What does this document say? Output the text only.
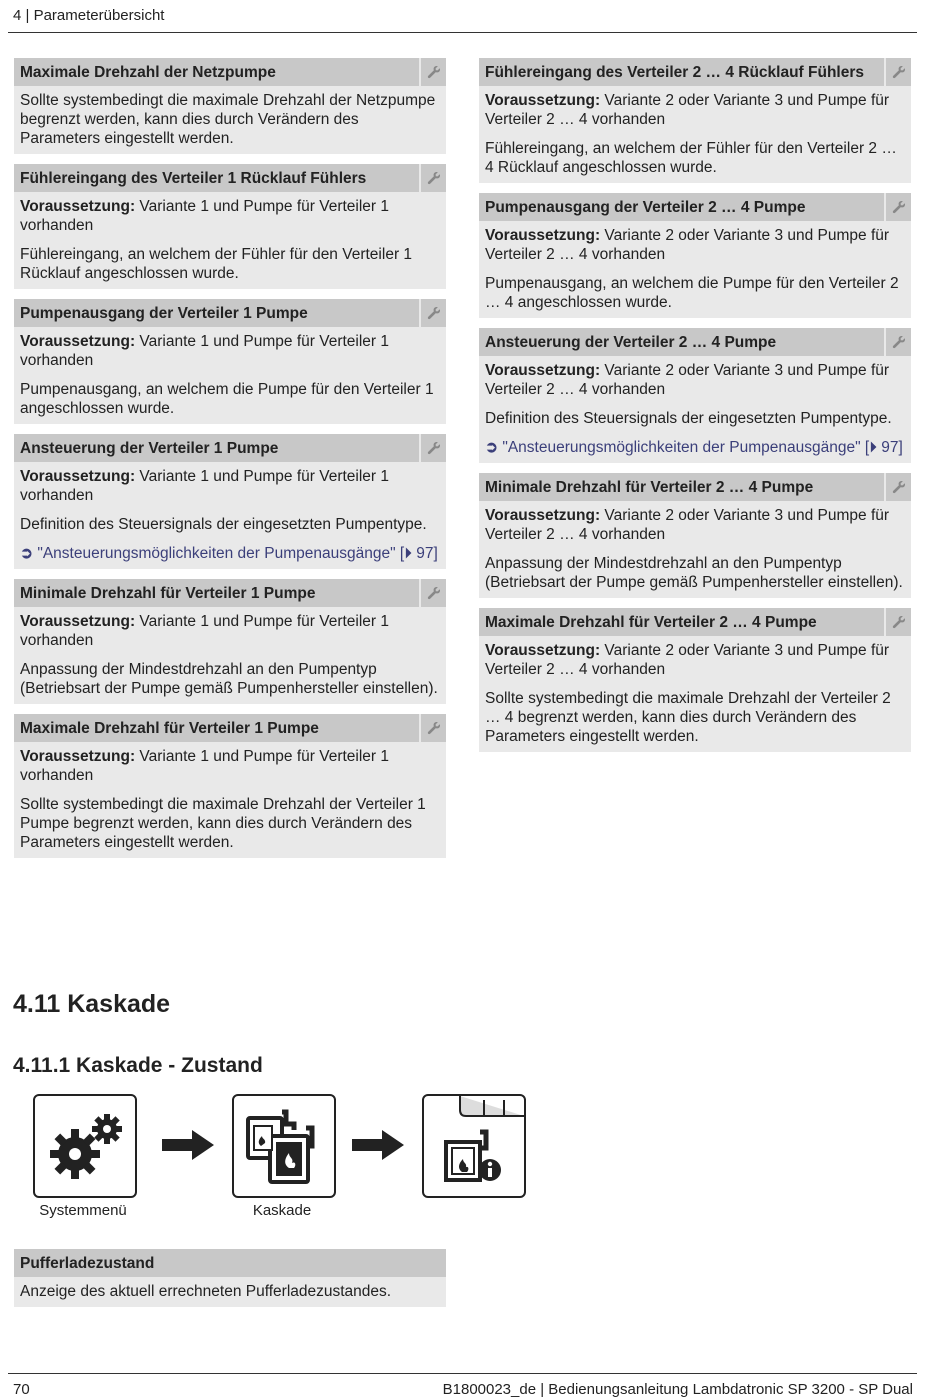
4 | Parameterübersicht
Maximale Drehzahl der Netzpumpe

Sollte systembedingt die maximale Drehzahl der Netzpumpe begrenzt werden, kann dies durch Verändern des Parameters eingestellt werden.

Fühlereingang des Verteiler 1 Rücklauf Fühlers

Voraussetzung: Variante 1 und Pumpe für Verteiler 1 vorhanden

Fühlereingang, an welchem der Fühler für den Verteiler 1 Rücklauf angeschlossen wurde.

Pumpenausgang der Verteiler 1 Pumpe

Voraussetzung: Variante 1 und Pumpe für Verteiler 1 vorhanden

Pumpenausgang, an welchem die Pumpe für den Verteiler 1 angeschlossen wurde.

Ansteuerung der Verteiler 1 Pumpe

Voraussetzung: Variante 1 und Pumpe für Verteiler 1 vorhanden

Definition des Steuersignals der eingesetzten Pumpentype.

➲ "Ansteuerungsmöglichkeiten der Pumpenausgänge" [⏵ 97]

Minimale Drehzahl für Verteiler 1 Pumpe

Voraussetzung: Variante 1 und Pumpe für Verteiler 1 vorhanden

Anpassung der Mindestdrehzahl an den Pumpentyp (Betriebsart der Pumpe gemäß Pumpenhersteller einstellen).

Maximale Drehzahl für Verteiler 1 Pumpe

Voraussetzung: Variante 1 und Pumpe für Verteiler 1 vorhanden

Sollte systembedingt die maximale Drehzahl der Verteiler 1 Pumpe begrenzt werden, kann dies durch Verändern des Parameters eingestellt werden.

Fühlereingang des Verteiler 2 … 4 Rücklauf Fühlers

Voraussetzung: Variante 2 oder Variante 3 und Pumpe für Verteiler 2 … 4 vorhanden

Fühlereingang, an welchem der Fühler für den Verteiler 2 … 4 Rücklauf angeschlossen wurde.

Pumpenausgang der Verteiler 2 … 4 Pumpe

Voraussetzung: Variante 2 oder Variante 3 und Pumpe für Verteiler 2 … 4 vorhanden

Pumpenausgang, an welchem die Pumpe für den Verteiler 2 … 4 angeschlossen wurde.

Ansteuerung der Verteiler 2 … 4 Pumpe

Voraussetzung: Variante 2 oder Variante 3 und Pumpe für Verteiler 2 … 4 vorhanden

Definition des Steuersignals der eingesetzten Pumpentype.

➲ "Ansteuerungsmöglichkeiten der Pumpenausgänge" [⏵ 97]

Minimale Drehzahl für Verteiler 2 … 4 Pumpe

Voraussetzung: Variante 2 oder Variante 3 und Pumpe für Verteiler 2 … 4 vorhanden

Anpassung der Mindestdrehzahl an den Pumpentyp (Betriebsart der Pumpe gemäß Pumpenhersteller einstellen).

Maximale Drehzahl für Verteiler 2 … 4 Pumpe

Voraussetzung: Variante 2 oder Variante 3 und Pumpe für Verteiler 2 … 4 vorhanden

Sollte systembedingt die maximale Drehzahl der Verteiler 2 … 4 begrenzt werden, kann dies durch Verändern des Parameters eingestellt werden.

4.11 Kaskade
4.11.1 Kaskade - Zustand
Systemmenü	Kaskade
Pufferladezustand

Anzeige des aktuell errechneten Pufferladezustandes.

70	B1800023_de | Bedienungsanleitung Lambdatronic SP 3200 - SP Dual
